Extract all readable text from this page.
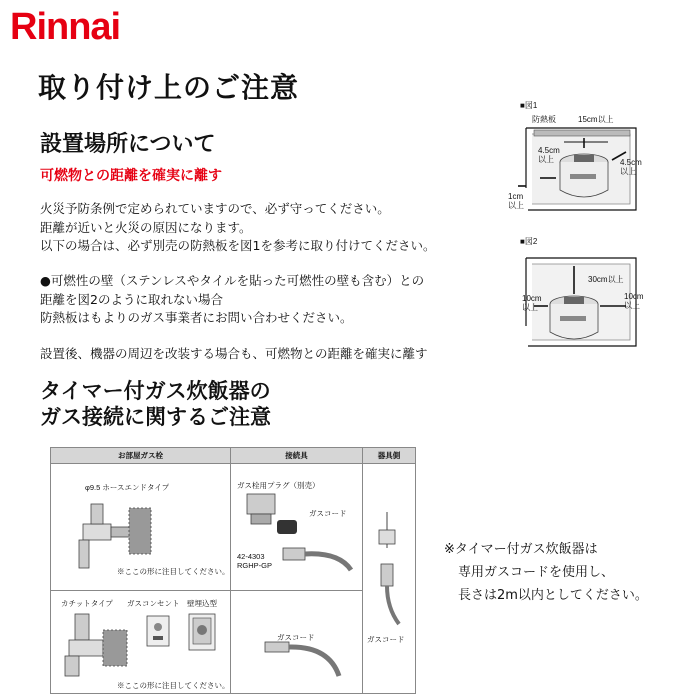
Rinnai
取り付け上のご注意
設置場所について
可燃物との距離を確実に離す
火災予防条例で定められていますので、必ず守ってください。
距離が近いと火災の原因になります。
以下の場合は、必ず別売の防熱板を図1を参考に取り付けてください。
●可燃性の壁（ステンレスやタイルを貼った可燃性の壁も含む）との
距離を図2のように取れない場合
防熱板はもよりのガス事業者にお問い合わせください。
設置後、機器の周辺を改装する場合も、可燃物との距離を確実に離す
■図1
防熱板	15cm以上
4.5cm
以上	4.5cm
以上
1cm
以上
■図2
30cm以上
10cm
以上
10cm
以上
タイマー付ガス炊飯器の
ガス接続に関するご注意
お部屋ガス栓	接続具	器具側
φ9.5 ホースエンドタイプ
※ここの形に注目してください。
ガス栓用プラグ（別売）
ガスコード
42-4303
RGHP-GP
カチットタイプ ガスコンセント 壁埋込型
※ここの形に注目してください。
ガスコード	ガスコード
※タイマー付ガス炊飯器は
専用ガスコードを使用し、
長さは2m以内としてください。
